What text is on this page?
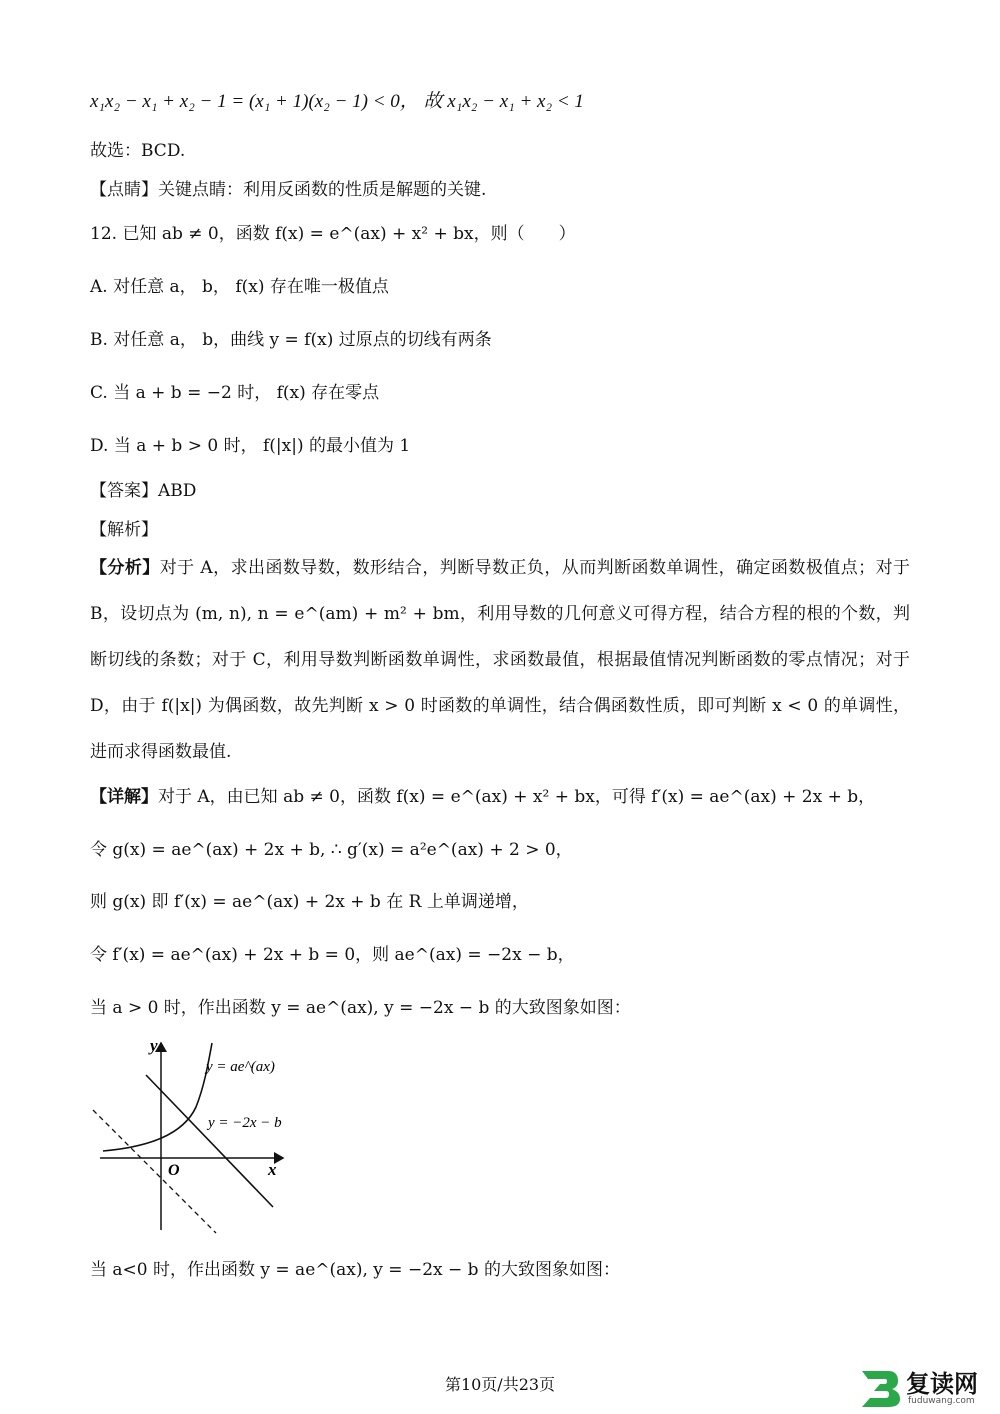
x₁x₂ − x₁ + x₂ − 1 = (x₁ + 1)(x₂ − 1) < 0， 故 x₁x₂ − x₁ + x₂ < 1
故选：BCD.
【点睛】关键点睛：利用反函数的性质是解题的关键.
12. 已知 ab ≠ 0，函数 f(x) = e^(ax) + x² + bx，则（　　）
A. 对任意 a， b， f(x) 存在唯一极值点
B. 对任意 a， b，曲线 y = f(x) 过原点的切线有两条
C. 当 a + b = −2 时， f(x) 存在零点
D. 当 a + b > 0 时， f(|x|) 的最小值为 1
【答案】ABD
【解析】
【分析】对于 A，求出函数导数，数形结合，判断导数正负，从而判断函数单调性，确定函数极值点；对于 B，设切点为 (m, n), n = e^(am) + m² + bm，利用导数的几何意义可得方程，结合方程的根的个数，判断切线的条数；对于 C，利用导数判断函数单调性，求函数最值，根据最值情况判断函数的零点情况；对于 D，由于 f(|x|) 为偶函数，故先判断 x > 0 时函数的单调性，结合偶函数性质，即可判断 x < 0 的单调性，进而求得函数最值.
【详解】对于 A，由已知 ab ≠ 0，函数 f(x) = e^(ax) + x² + bx，可得 f′(x) = ae^(ax) + 2x + b，
令 g(x) = ae^(ax) + 2x + b, ∴ g′(x) = a²e^(ax) + 2 > 0，
则 g(x) 即 f′(x) = ae^(ax) + 2x + b 在 R 上单调递增，
令 f′(x) = ae^(ax) + 2x + b = 0，则 ae^(ax) = −2x − b，
当 a > 0 时，作出函数 y = ae^(ax), y = −2x − b 的大致图象如图：
y
x
O
y = ae^(ax)
y = −2x − b
当 a<0 时，作出函数 y = ae^(ax), y = −2x − b 的大致图象如图：
第10页/共23页	复读网
fuduwang.com
